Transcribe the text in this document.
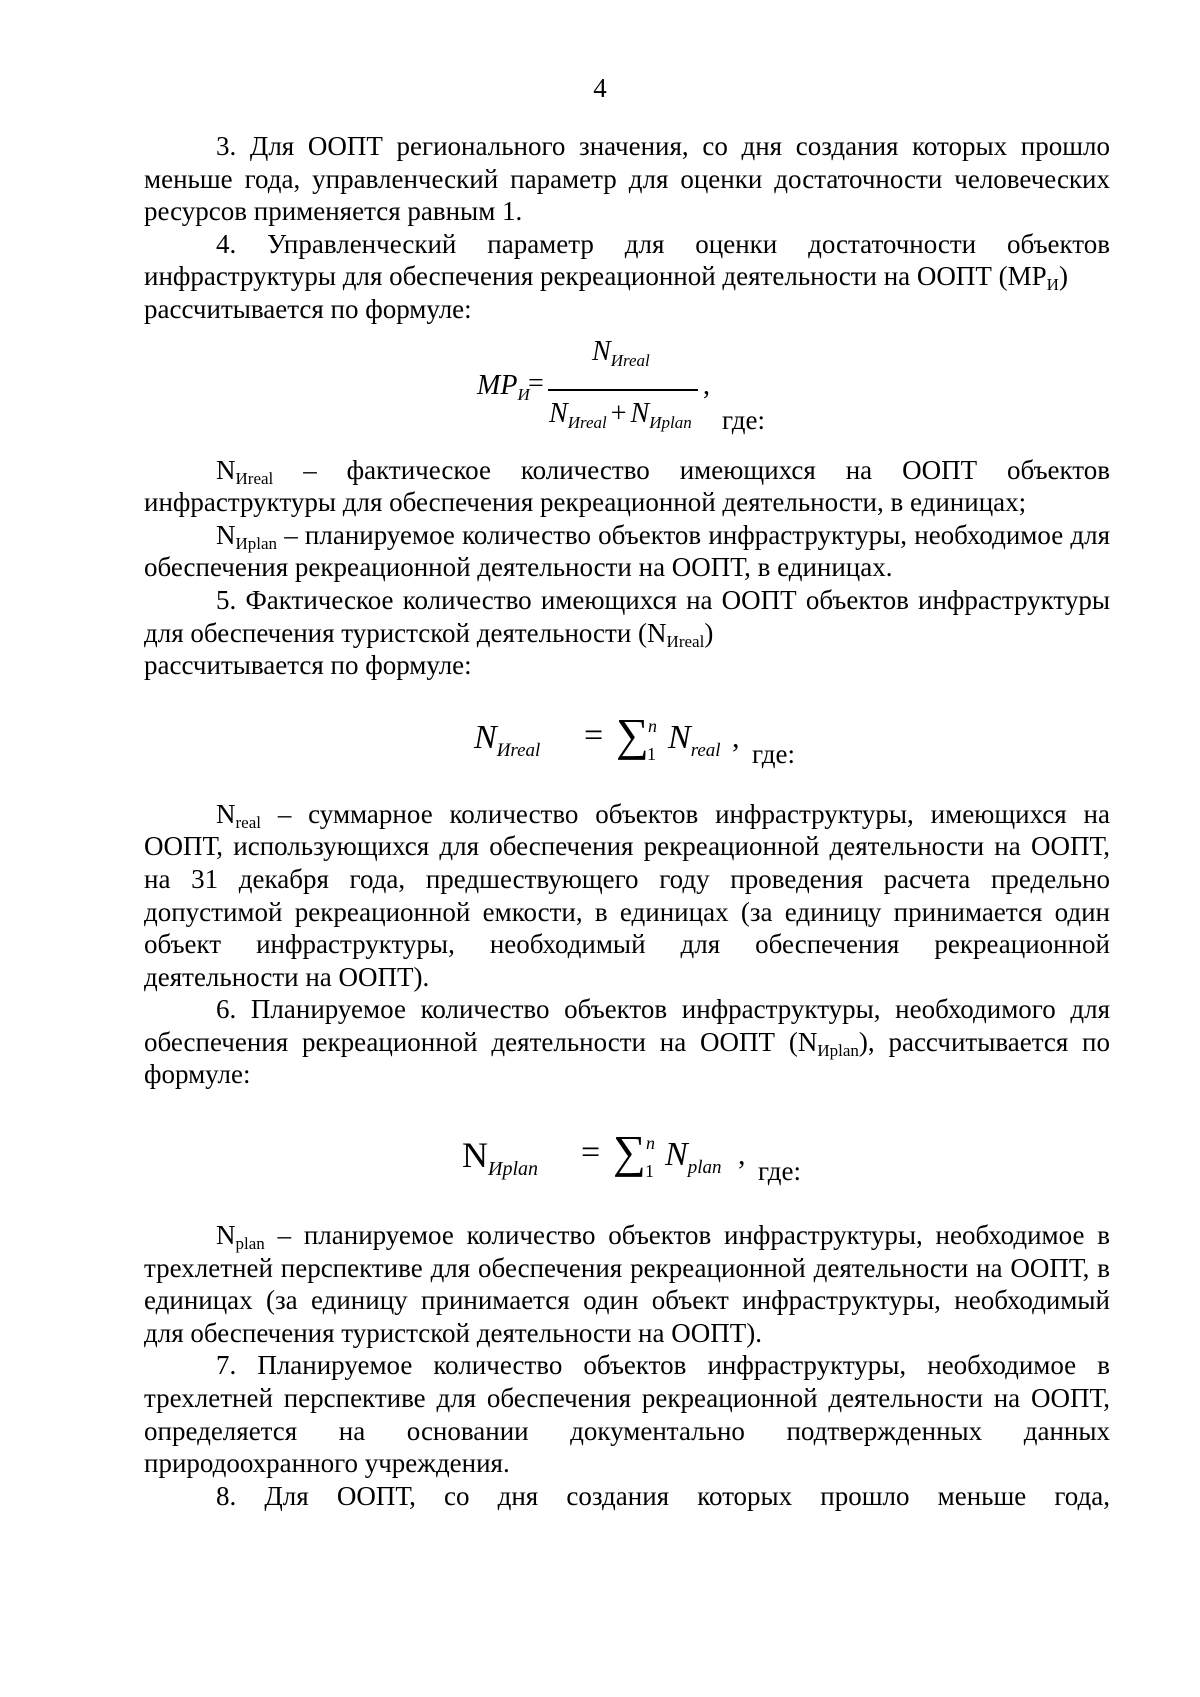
4

3. Для ООПТ регионального значения, со дня создания которых прошло меньше года, управленческий параметр для оценки достаточности человеческих ресурсов применяется равным 1.

4. Управленческий параметр для оценки достаточности объектов инфраструктуры для обеспечения рекреационной деятельности на ООПТ $(МР_И)$

рассчитывается по формуле:

$MP_И$
=
$N_{Иreal}$
$N_{Иreal} + N_{Иplan}$
,
где:

$N_{Иreal}$ – фактическое количество имеющихся на ООПТ объектов инфраструктуры для обеспечения рекреационной деятельности, в единицах;

$N_{Иplan}$ – планируемое количество объектов инфраструктуры, необходимое для обеспечения рекреационной деятельности на ООПТ, в единицах.

5. Фактическое количество имеющихся на ООПТ объектов инфраструктуры для обеспечения туристской деятельности $(N_{Иreal})$

рассчитывается по формуле:

$N_{Иreal}$ = ∑ n
1 $N_{real}$ , где:

$N_{real}$ – суммарное количество объектов инфраструктуры, имеющихся на ООПТ, использующихся для обеспечения рекреационной деятельности на ООПТ, на 31 декабря года, предшествующего году проведения расчета предельно допустимой рекреационной емкости, в единицах (за единицу принимается один объект инфраструктуры, необходимый для обеспечения рекреационной деятельности на ООПТ).

6. Планируемое количество объектов инфраструктуры, необходимого для обеспечения рекреационной деятельности на ООПТ $(N_{Иplan})$, рассчитывается по формуле:

$N_{Иplan}$ = ∑ n
1 $N_{plan}$ , где:

$N_{plan}$ – планируемое количество объектов инфраструктуры, необходимое в трехлетней перспективе для обеспечения рекреационной деятельности на ООПТ, в единицах (за единицу принимается один объект инфраструктуры, необходимый для обеспечения туристской деятельности на ООПТ).

7. Планируемое количество объектов инфраструктуры, необходимое в трехлетней перспективе для обеспечения рекреационной деятельности на ООПТ, определяется на основании документально подтвержденных данных природоохранного учреждения.

8. Для ООПТ, со дня создания которых прошло меньше года,
